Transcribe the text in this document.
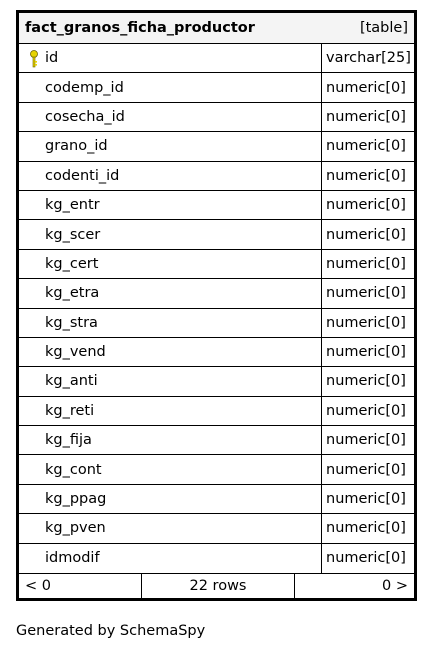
fact_granos_ficha_productor	[table]
id	varchar[25]
codemp_id	numeric[0]
cosecha_id	numeric[0]
grano_id	numeric[0]
codenti_id	numeric[0]
kg_entr	numeric[0]
kg_scer	numeric[0]
kg_cert	numeric[0]
kg_etra	numeric[0]
kg_stra	numeric[0]
kg_vend	numeric[0]
kg_anti	numeric[0]
kg_reti	numeric[0]
kg_fija	numeric[0]
kg_cont	numeric[0]
kg_ppag	numeric[0]
kg_pven	numeric[0]
idmodif	numeric[0]
< 0	22 rows	0 >
Generated by SchemaSpy
